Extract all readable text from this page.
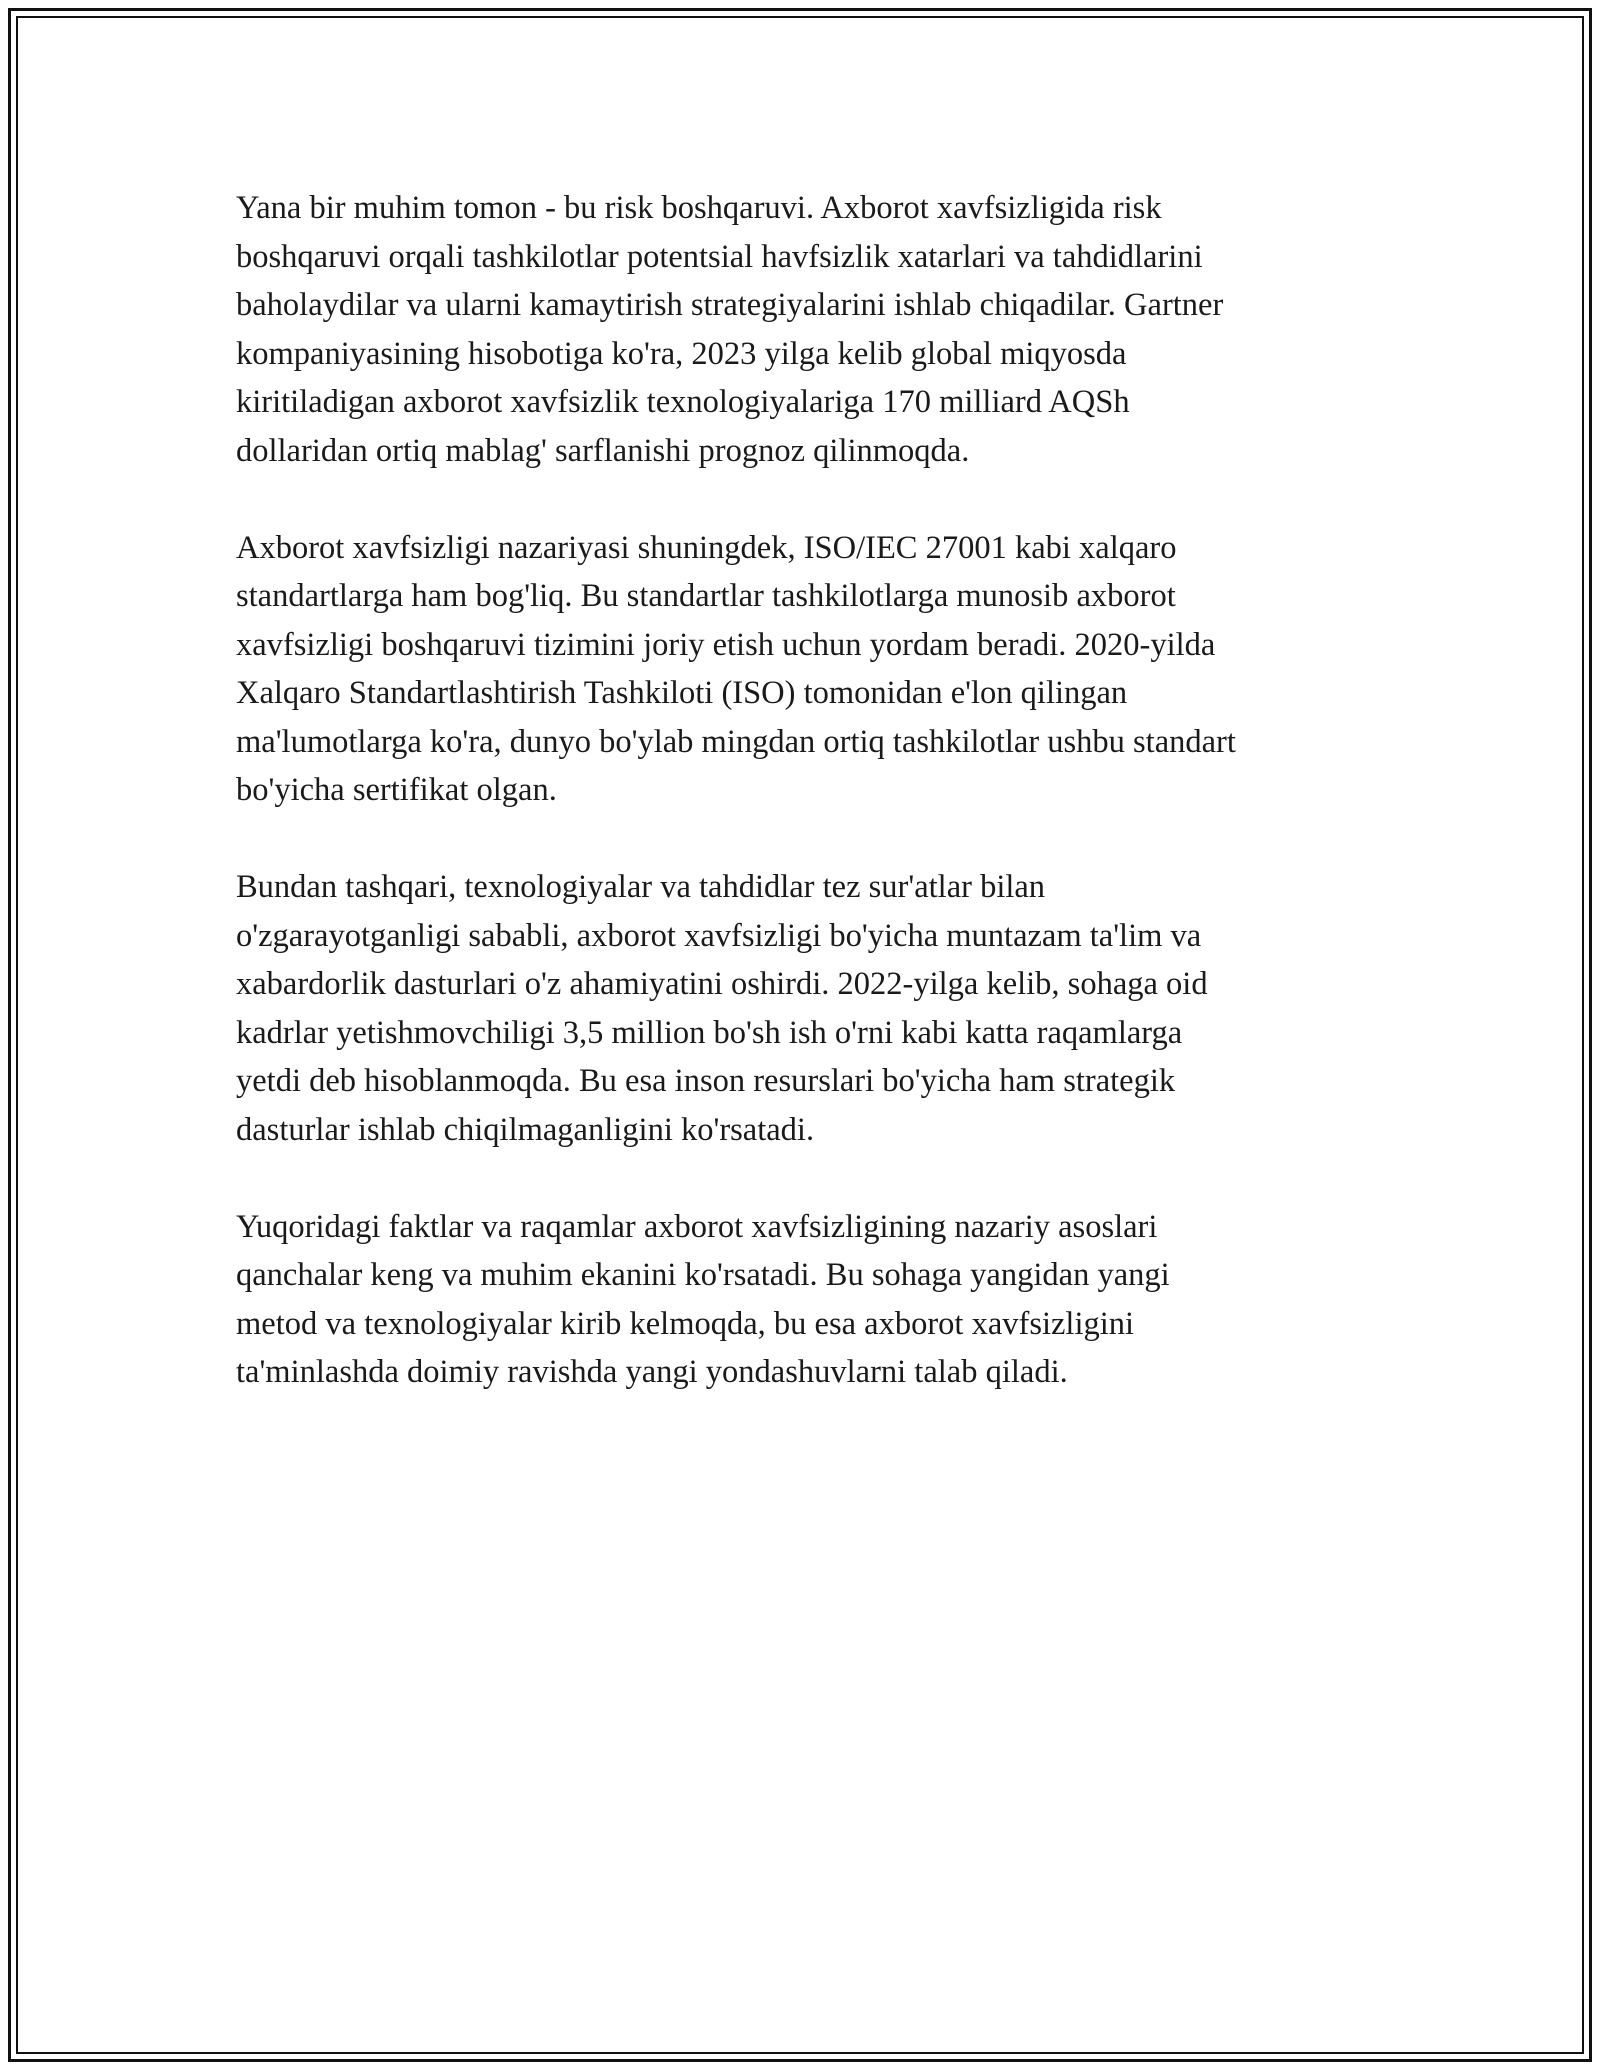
Yana bir muhim tomon - bu risk boshqaruvi. Axborot xavfsizligida risk
boshqaruvi orqali tashkilotlar potentsial havfsizlik xatarlari va tahdidlarini
baholaydilar va ularni kamaytirish strategiyalarini ishlab chiqadilar. Gartner
kompaniyasining hisobotiga ko'ra, 2023 yilga kelib global miqyosda
kiritiladigan axborot xavfsizlik texnologiyalariga 170 milliard AQSh
dollaridan ortiq mablag' sarflanishi prognoz qilinmoqda.

Axborot xavfsizligi nazariyasi shuningdek, ISO/IEC 27001 kabi xalqaro
standartlarga ham bog'liq. Bu standartlar tashkilotlarga munosib axborot
xavfsizligi boshqaruvi tizimini joriy etish uchun yordam beradi. 2020-yilda
Xalqaro Standartlashtirish Tashkiloti (ISO) tomonidan e'lon qilingan
ma'lumotlarga ko'ra, dunyo bo'ylab mingdan ortiq tashkilotlar ushbu standart
bo'yicha sertifikat olgan.

Bundan tashqari, texnologiyalar va tahdidlar tez sur'atlar bilan
o'zgarayotganligi sababli, axborot xavfsizligi bo'yicha muntazam ta'lim va
xabardorlik dasturlari o'z ahamiyatini oshirdi. 2022-yilga kelib, sohaga oid
kadrlar yetishmovchiligi 3,5 million bo'sh ish o'rni kabi katta raqamlarga
yetdi deb hisoblanmoqda. Bu esa inson resurslari bo'yicha ham strategik
dasturlar ishlab chiqilmaganligini ko'rsatadi.

Yuqoridagi faktlar va raqamlar axborot xavfsizligining nazariy asoslari
qanchalar keng va muhim ekanini ko'rsatadi. Bu sohaga yangidan yangi
metod va texnologiyalar kirib kelmoqda, bu esa axborot xavfsizligini
ta'minlashda doimiy ravishda yangi yondashuvlarni talab qiladi.
